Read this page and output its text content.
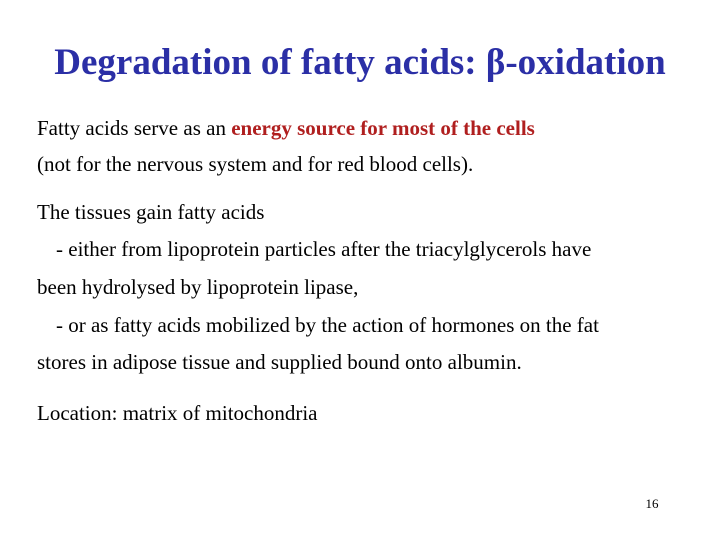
Degradation of fatty acids: β-oxidation
Fatty acids serve as an energy source for most of the cells
(not for the nervous system and for red blood cells).
The tissues gain fatty acids
- either from lipoprotein particles after the triacylglycerols have
been hydrolysed by lipoprotein lipase,
- or as fatty acids mobilized by the action of hormones on the fat
stores in adipose tissue and supplied bound onto albumin.
Location: matrix of mitochondria
16
